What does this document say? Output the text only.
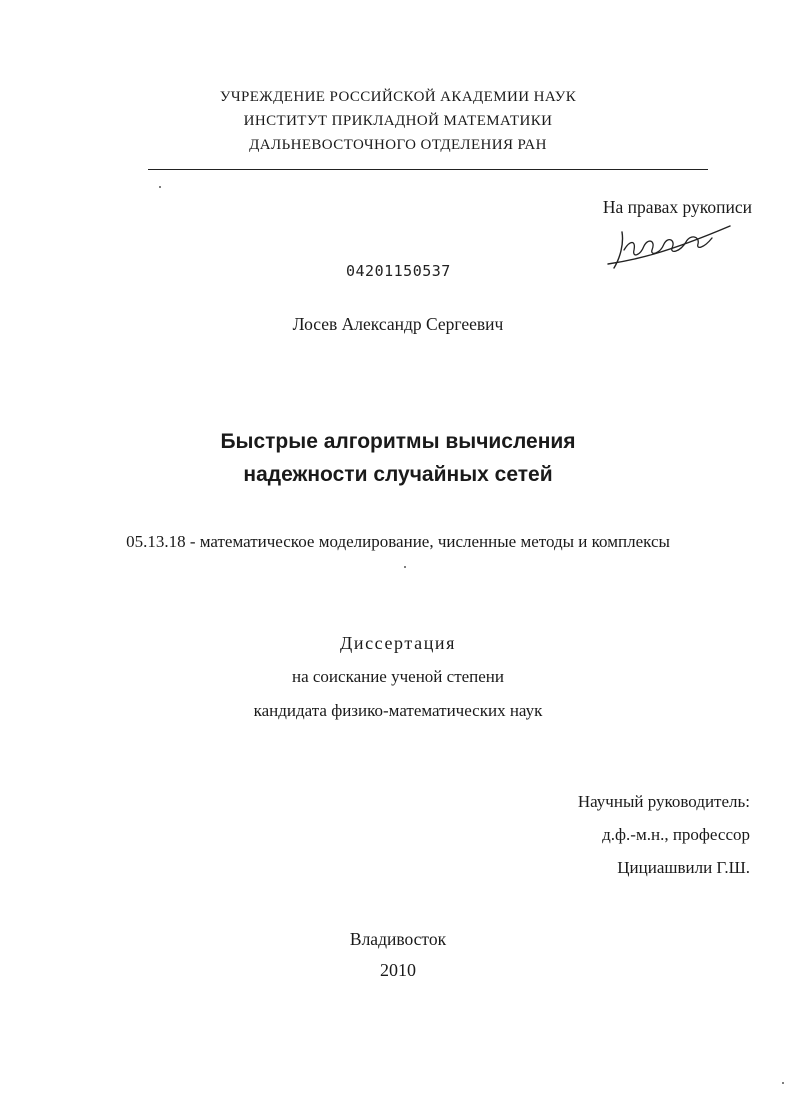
УЧРЕЖДЕНИЕ РОССИЙСКОЙ АКАДЕМИИ НАУК
ИНСТИТУТ ПРИКЛАДНОЙ МАТЕМАТИКИ
ДАЛЬНЕВОСТОЧНОГО ОТДЕЛЕНИЯ РАН
На правах рукописи
04201150537
Лосев Александр Сергеевич
Быстрые алгоритмы вычисления
надежности случайных сетей
05.13.18 - математическое моделирование, численные методы и комплексы
Диссертация
на соискание ученой степени
кандидата физико-математических наук
Научный руководитель:
д.ф.-м.н., профессор
Цициашвили Г.Ш.
Владивосток
2010
